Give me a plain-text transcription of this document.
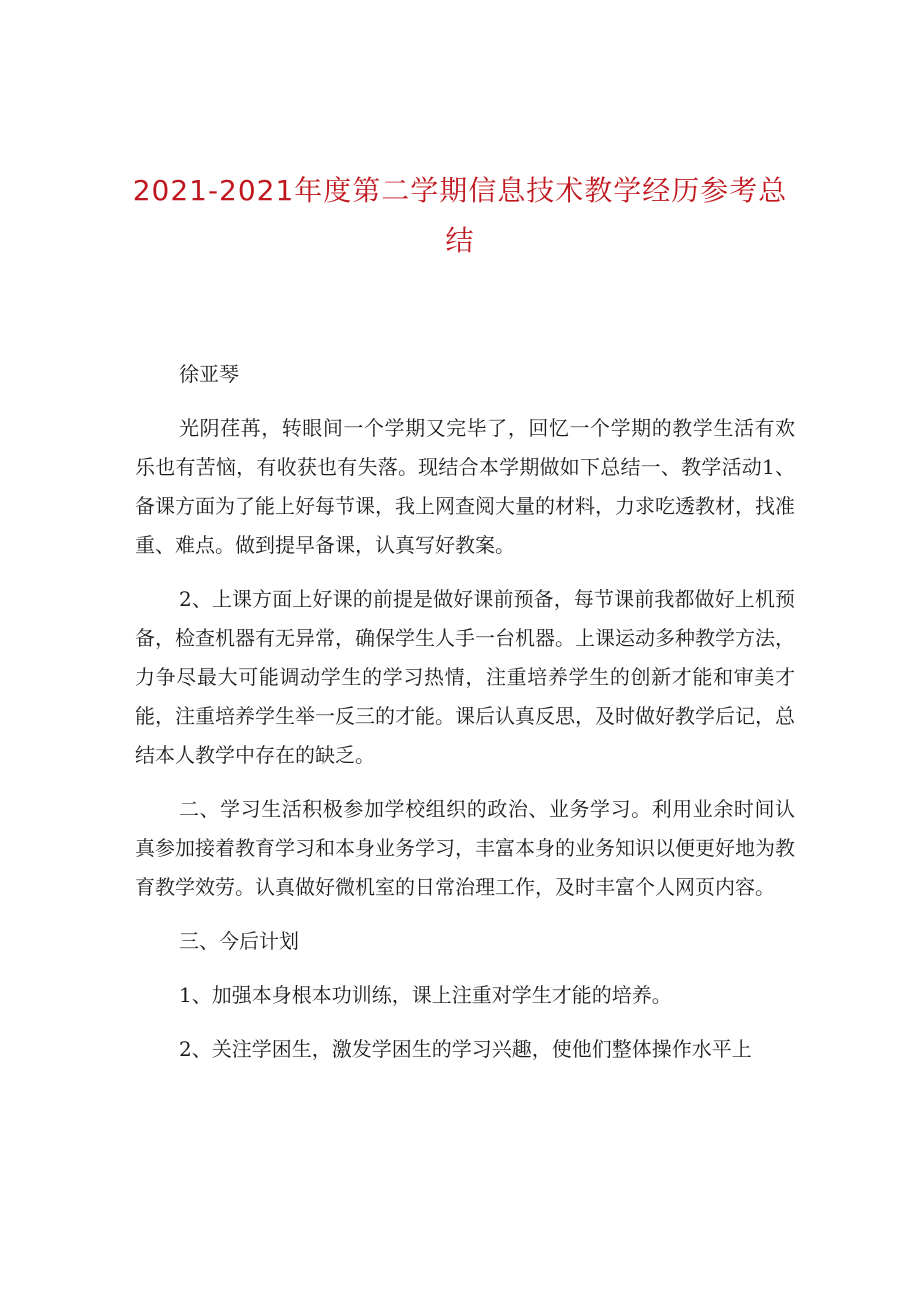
2021-2021年度第二学期信息技术教学经历参考总结

徐亚琴

光阴荏苒，转眼间一个学期又完毕了，回忆一个学期的教学生活有欢乐也有苦恼，有收获也有失落。现结合本学期做如下总结一、教学活动1、备课方面为了能上好每节课，我上网查阅大量的材料，力求吃透教材，找准重、难点。做到提早备课，认真写好教案。

2、上课方面上好课的前提是做好课前预备，每节课前我都做好上机预备，检查机器有无异常，确保学生人手一台机器。上课运动多种教学方法，力争尽最大可能调动学生的学习热情，注重培养学生的创新才能和审美才能，注重培养学生举一反三的才能。课后认真反思，及时做好教学后记，总结本人教学中存在的缺乏。

二、学习生活积极参加学校组织的政治、业务学习。利用业余时间认真参加接着教育学习和本身业务学习，丰富本身的业务知识以便更好地为教育教学效劳。认真做好微机室的日常治理工作，及时丰富个人网页内容。

三、今后计划

1、加强本身根本功训练，课上注重对学生才能的培养。

2、关注学困生，激发学困生的学习兴趣，使他们整体操作水平上
